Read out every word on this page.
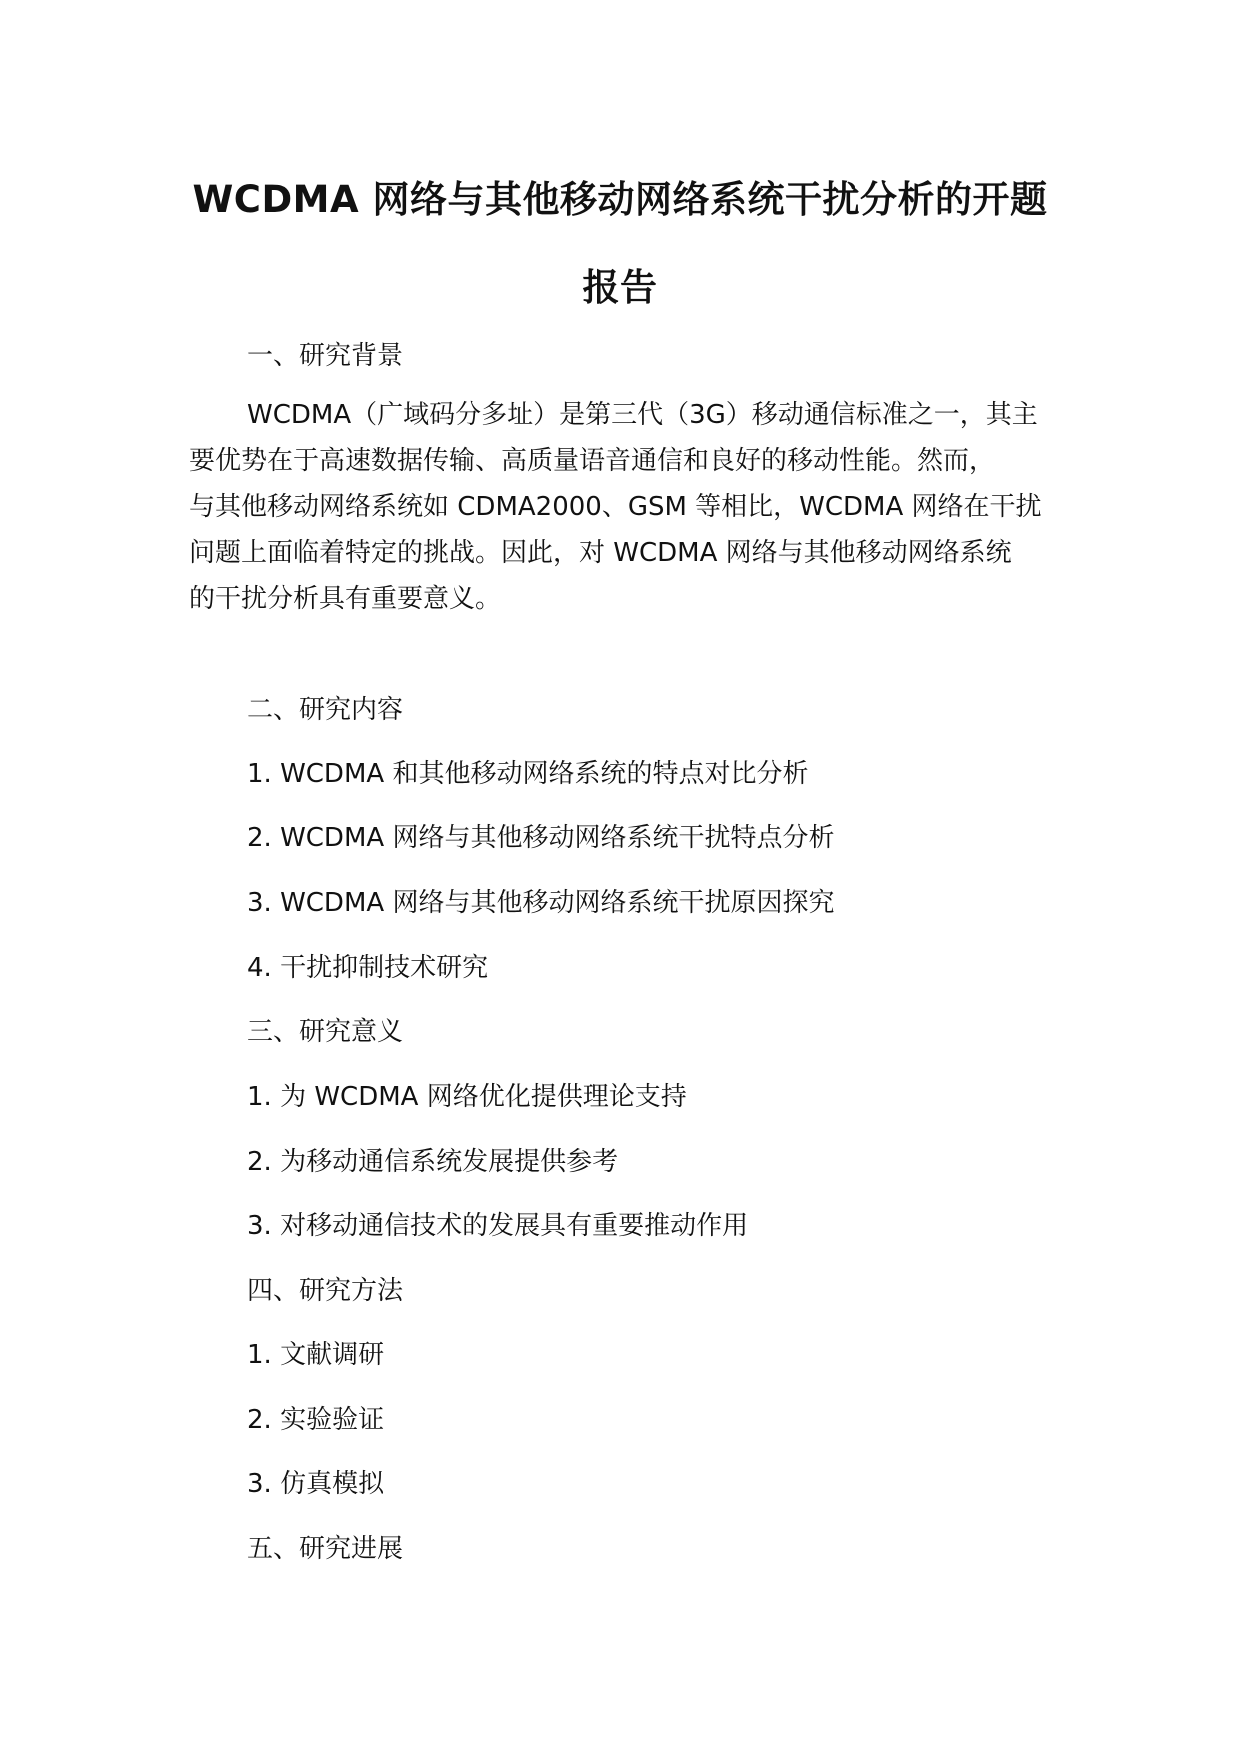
WCDMA 网络与其他移动网络系统干扰分析的开题
报告

一、研究背景

WCDMA（广域码分多址）是第三代（3G）移动通信标准之一，其主
要优势在于高速数据传输、高质量语音通信和良好的移动性能。然而，
与其他移动网络系统如 CDMA2000、GSM 等相比，WCDMA 网络在干扰
问题上面临着特定的挑战。因此，对 WCDMA 网络与其他移动网络系统
的干扰分析具有重要意义。

二、研究内容

1. WCDMA 和其他移动网络系统的特点对比分析

2. WCDMA 网络与其他移动网络系统干扰特点分析

3. WCDMA 网络与其他移动网络系统干扰原因探究

4. 干扰抑制技术研究

三、研究意义

1. 为 WCDMA 网络优化提供理论支持

2. 为移动通信系统发展提供参考

3. 对移动通信技术的发展具有重要推动作用

四、研究方法

1. 文献调研

2. 实验验证

3. 仿真模拟

五、研究进展
